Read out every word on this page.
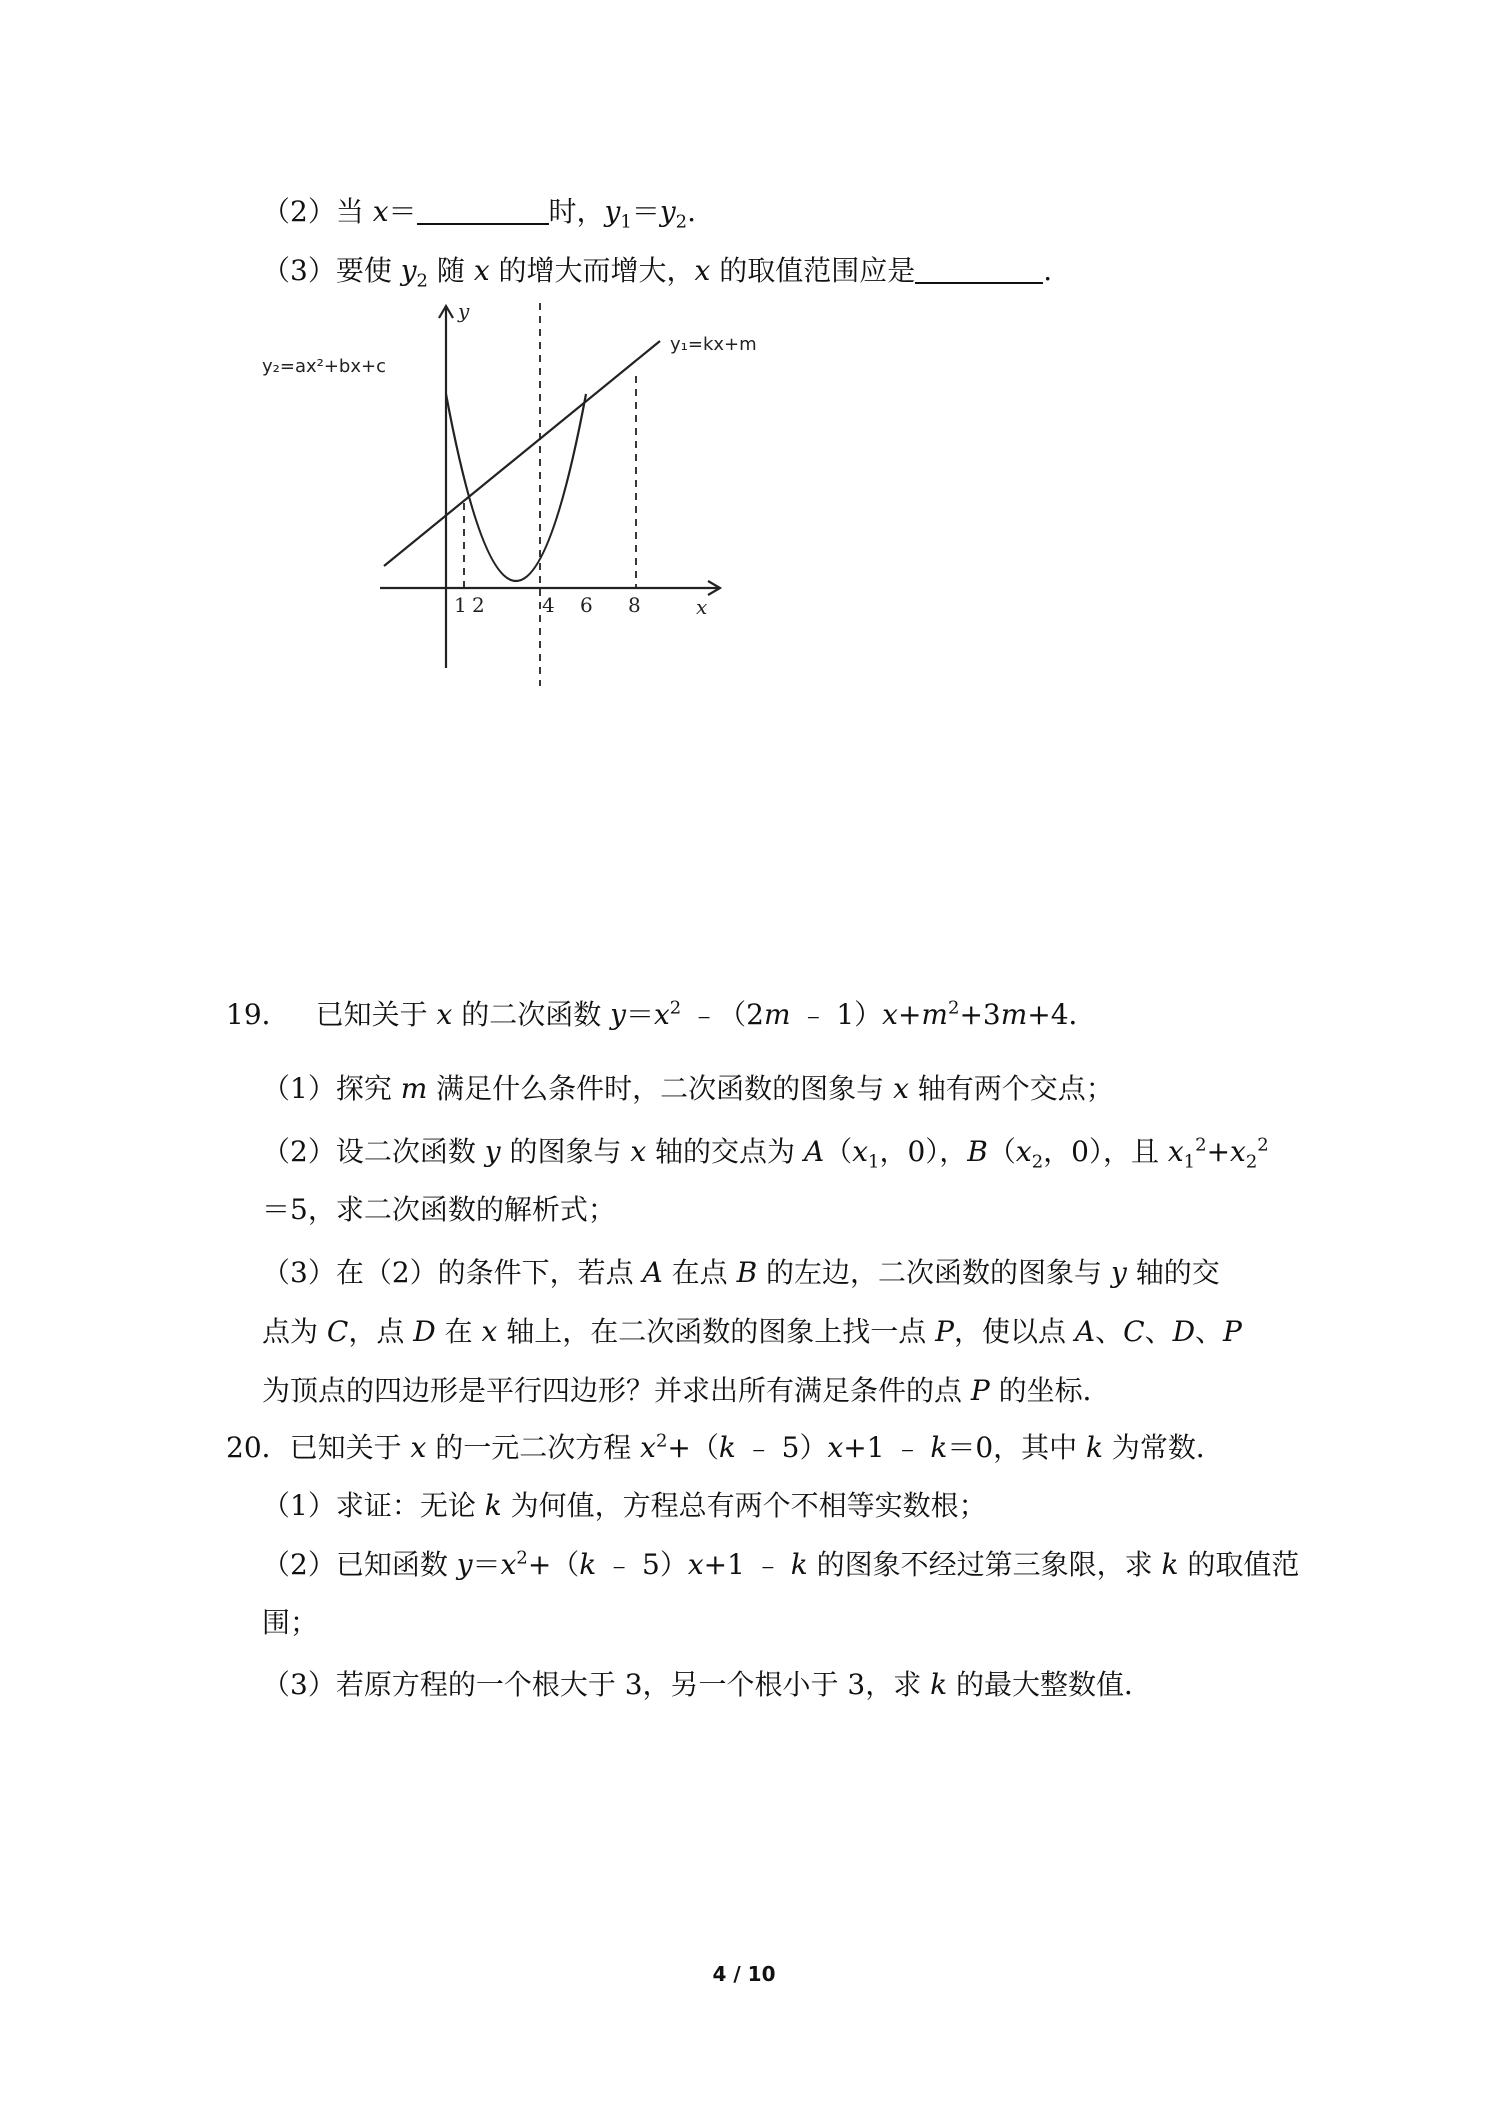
（2）当 x＝	时，$y_1=y_2$.
（3）要使 $y_2$ 随 x 的增大而增大，x 的取值范围应是	.
y₂=ax²+bx+c
y₁=kx+m
y
x
1 2	4 6 8
19． 已知关于 x 的二次函数 $y=x^2$ ﹣（2m ﹣ $1)x+m^2+3m+4$．
（1）探究 m 满足什么条件时，二次函数的图象与 x 轴有两个交点；
（2）设二次函数 y 的图象与 x 轴的交点为 $A(x_1$，0），$B(x_2$，0），且 $x_1^2+x_2^2$
＝5，求二次函数的解析式；
（3）在（2）的条件下，若点 A 在点 B 的左边，二次函数的图象与 y 轴的交
点为 C，点 D 在 x 轴上，在二次函数的图象上找一点 P，使以点 A、C、D、P
为顶点的四边形是平行四边形？并求出所有满足条件的点 P 的坐标．
20．已知关于 x 的一元二次方程 $x^2+(k$ ﹣ 5）x+1 ﹣ k＝0，其中 k 为常数．
（1）求证：无论 k 为何值，方程总有两个不相等实数根；
（2）已知函数 $y=x^2+(k$ ﹣ 5）x+1 ﹣ k 的图象不经过第三象限，求 k 的取值范
围；
（3）若原方程的一个根大于 3，另一个根小于 3，求 k 的最大整数值．
4 / 10
